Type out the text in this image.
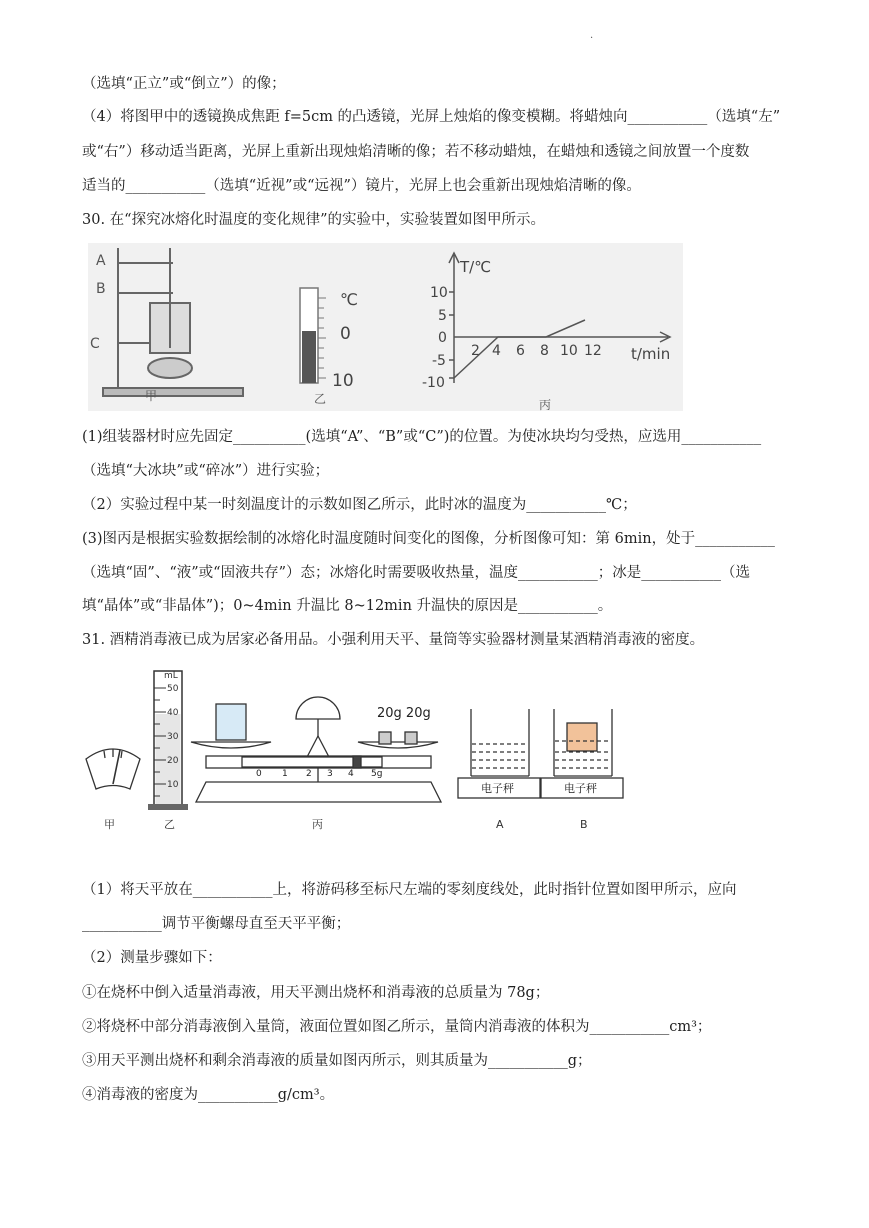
.
（选填“正立”或“倒立”）的像；
（4）将图甲中的透镜换成焦距 f=5cm 的凸透镜，光屏上烛焰的像变模糊。将蜡烛向___________（选填“左”
或“右”）移动适当距离，光屏上重新出现烛焰清晰的像；若不移动蜡烛，在蜡烛和透镜之间放置一个度数
适当的___________（选填“近视”或“远视”）镜片，光屏上也会重新出现烛焰清晰的像。
30. 在“探究冰熔化时温度的变化规律”的实验中，实验装置如图甲所示。
A
B
C
甲
℃
0
10
乙
T/℃
t/min
10
5
0
-5
-10
2 4 6 8 10 12
丙
(1)组装器材时应先固定__________(选填“A”、“B”或“C”)的位置。为使冰块均匀受热，应选用___________
（选填“大冰块”或“碎冰”）进行实验；
（2）实验过程中某一时刻温度计的示数如图乙所示，此时冰的温度为___________℃；
(3)图丙是根据实验数据绘制的冰熔化时温度随时间变化的图像，分析图像可知：第 6min，处于___________
（选填“固”、“液”或“固液共存”）态；冰熔化时需要吸收热量，温度___________；冰是___________（选
填“晶体”或“非晶体”)；0~4min 升温比 8~12min 升温快的原因是___________。
31. 酒精消毒液已成为居家必备用品。小强利用天平、量筒等实验器材测量某酒精消毒液的密度。
甲
mL
50
40
30
20
10
乙
20g 20g
0 1 2 3 4 5g
丙
电子秤
A
电子秤
B
（1）将天平放在___________上，将游码移至标尺左端的零刻度线处，此时指针位置如图甲所示，应向
___________调节平衡螺母直至天平平衡；
（2）测量步骤如下：
①在烧杯中倒入适量消毒液，用天平测出烧杯和消毒液的总质量为 78g；
②将烧杯中部分消毒液倒入量筒，液面位置如图乙所示，量筒内消毒液的体积为___________cm³；
③用天平测出烧杯和剩余消毒液的质量如图丙所示，则其质量为___________g；
④消毒液的密度为___________g/cm³。
